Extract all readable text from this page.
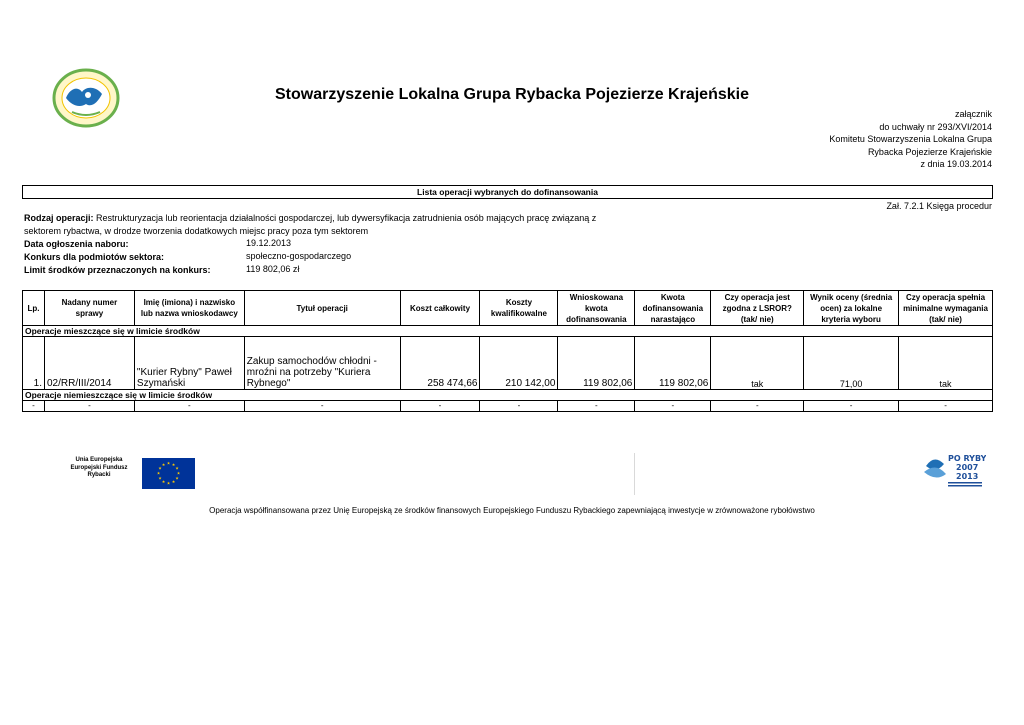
Stowarzyszenie Lokalna Grupa Rybacka Pojezierze Krajeńskie
załącznik
do uchwały nr 293/XVI/2014
Komitetu Stowarzyszenia Lokalna Grupa
Rybacka Pojezierze Krajeńskie
z dnia 19.03.2014
Lista operacji wybranych do dofinansowania
Zał. 7.2.1 Księga procedur
Rodzaj operacji: Restrukturyzacja lub reorientacja działalności gospodarczej, lub dywersyfikacja zatrudnienia osób mających pracę związaną z
sektorem rybactwa, w drodze tworzenia dodatkowych miejsc pracy poza tym sektorem
Data ogłoszenia naboru:	19.12.2013
Konkurs dla podmiotów sektora:	społeczno-gospodarczego
Limit środków przeznaczonych na konkurs:	119 802,06 zł
Lp.	Nadany numer sprawy	Imię (imiona) i nazwisko lub nazwa wnioskodawcy	Tytuł operacji	Koszt całkowity	Koszty kwalifikowalne	Wnioskowana kwota dofinansowania	Kwota dofinansowania narastająco	Czy operacja jest zgodna z LSROR? (tak/ nie)	Wynik oceny (średnia ocen) za lokalne kryteria wyboru	Czy operacja spełnia minimalne wymagania (tak/ nie)
Operacje mieszczące się w limicie środków										
1.	02/RR/III/2014	"Kurier Rybny" Paweł Szymański	Zakup samochodów chłodni - mroźni na potrzeby "Kuriera Rybnego"	258 474,66	210 142,00	119 802,06	119 802,06	tak	71,00	tak
Operacje niemieszczące się w limicie środków										
-	-	-	-	-	-	-	-	-	-	-
Unia Europejska Europejski Fundusz Rybacki
★ ★
★
★
★
★
★
★
★
★
★
★
PO RYBY
2007
2013
Operacja współfinansowana przez Unię Europejską ze środków finansowych Europejskiego Funduszu Rybackiego zapewniającą inwestycje w zrównoważone rybołówstwo
